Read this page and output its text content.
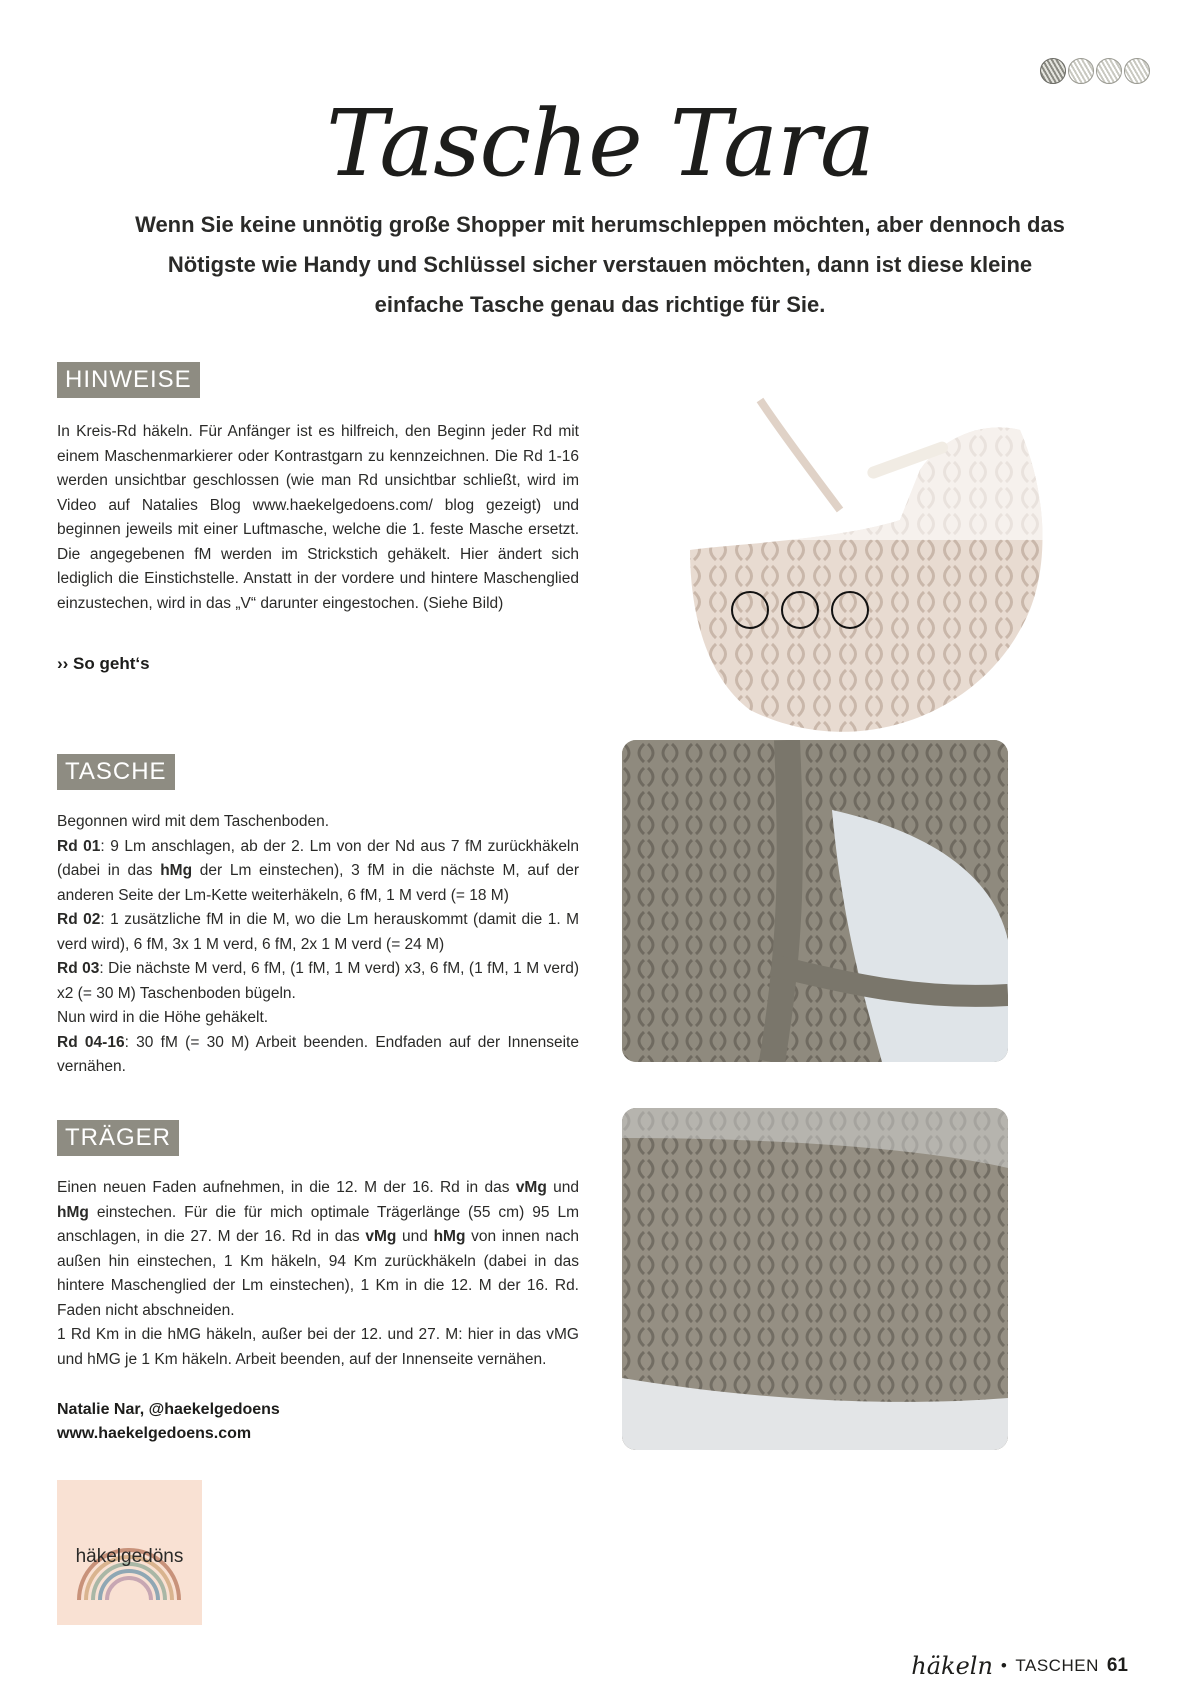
Tasche Tara
Wenn Sie keine unnötig große Shopper mit herumschleppen möchten, aber dennoch das Nötigste wie Handy und Schlüssel sicher verstauen möchten, dann ist diese kleine einfache Tasche genau das richtige für Sie.
HINWEISE
In Kreis-Rd häkeln. Für Anfänger ist es hilfreich, den Beginn jeder Rd mit einem Maschenmarkierer oder Kontrastgarn zu kennzeichnen. Die Rd 1-16 werden unsichtbar geschlossen (wie man Rd unsichtbar schließt, wird im Video auf Natalies Blog www.haekelgedoens.com/ blog gezeigt) und beginnen jeweils mit einer Luftmasche, welche die 1. feste Masche ersetzt. Die angegebenen fM werden im Strickstich gehäkelt. Hier ändert sich lediglich die Einstichstelle. Anstatt in der vordere und hintere Maschenglied einzustechen, wird in das „V“ darunter eingestochen. (Siehe Bild)
›› So geht‘s
TASCHE
Begonnen wird mit dem Taschenboden.
Rd 01: 9 Lm anschlagen, ab der 2. Lm von der Nd aus 7 fM zurückhäkeln (dabei in das hMg der Lm einstechen), 3 fM in die nächste M, auf der anderen Seite der Lm-Kette weiterhäkeln, 6 fM, 1 M verd (= 18 M)
Rd 02: 1 zusätzliche fM in die M, wo die Lm herauskommt (damit die 1. M verd wird), 6 fM, 3x 1 M verd, 6 fM, 2x 1 M verd (= 24 M)
Rd 03: Die nächste M verd, 6 fM, (1 fM, 1 M verd) x3, 6 fM, (1 fM, 1 M verd) x2 (= 30 M) Taschenboden bügeln.
Nun wird in die Höhe gehäkelt.
Rd 04-16: 30 fM (= 30 M) Arbeit beenden. Endfaden auf der Innenseite vernähen.
TRÄGER
Einen neuen Faden aufnehmen, in die 12. M der 16. Rd in das vMg und hMg einstechen. Für die für mich optimale Trägerlänge (55 cm) 95 Lm anschlagen, in die 27. M der 16. Rd in das vMg und hMg von innen nach außen hin einstechen, 1 Km häkeln, 94 Km zurückhäkeln (dabei in das hintere Maschenglied der Lm einstechen), 1 Km in die 12. M der 16. Rd. Faden nicht abschneiden.
1 Rd Km in die hMG häkeln, außer bei der 12. und 27. M: hier in das vMG und hMG je 1 Km häkeln. Arbeit beenden, auf der Innenseite vernähen.
Natalie Nar, @haekelgedoens
www.haekelgedoens.com
häkelgedöns
häkeln • TASCHEN 61
